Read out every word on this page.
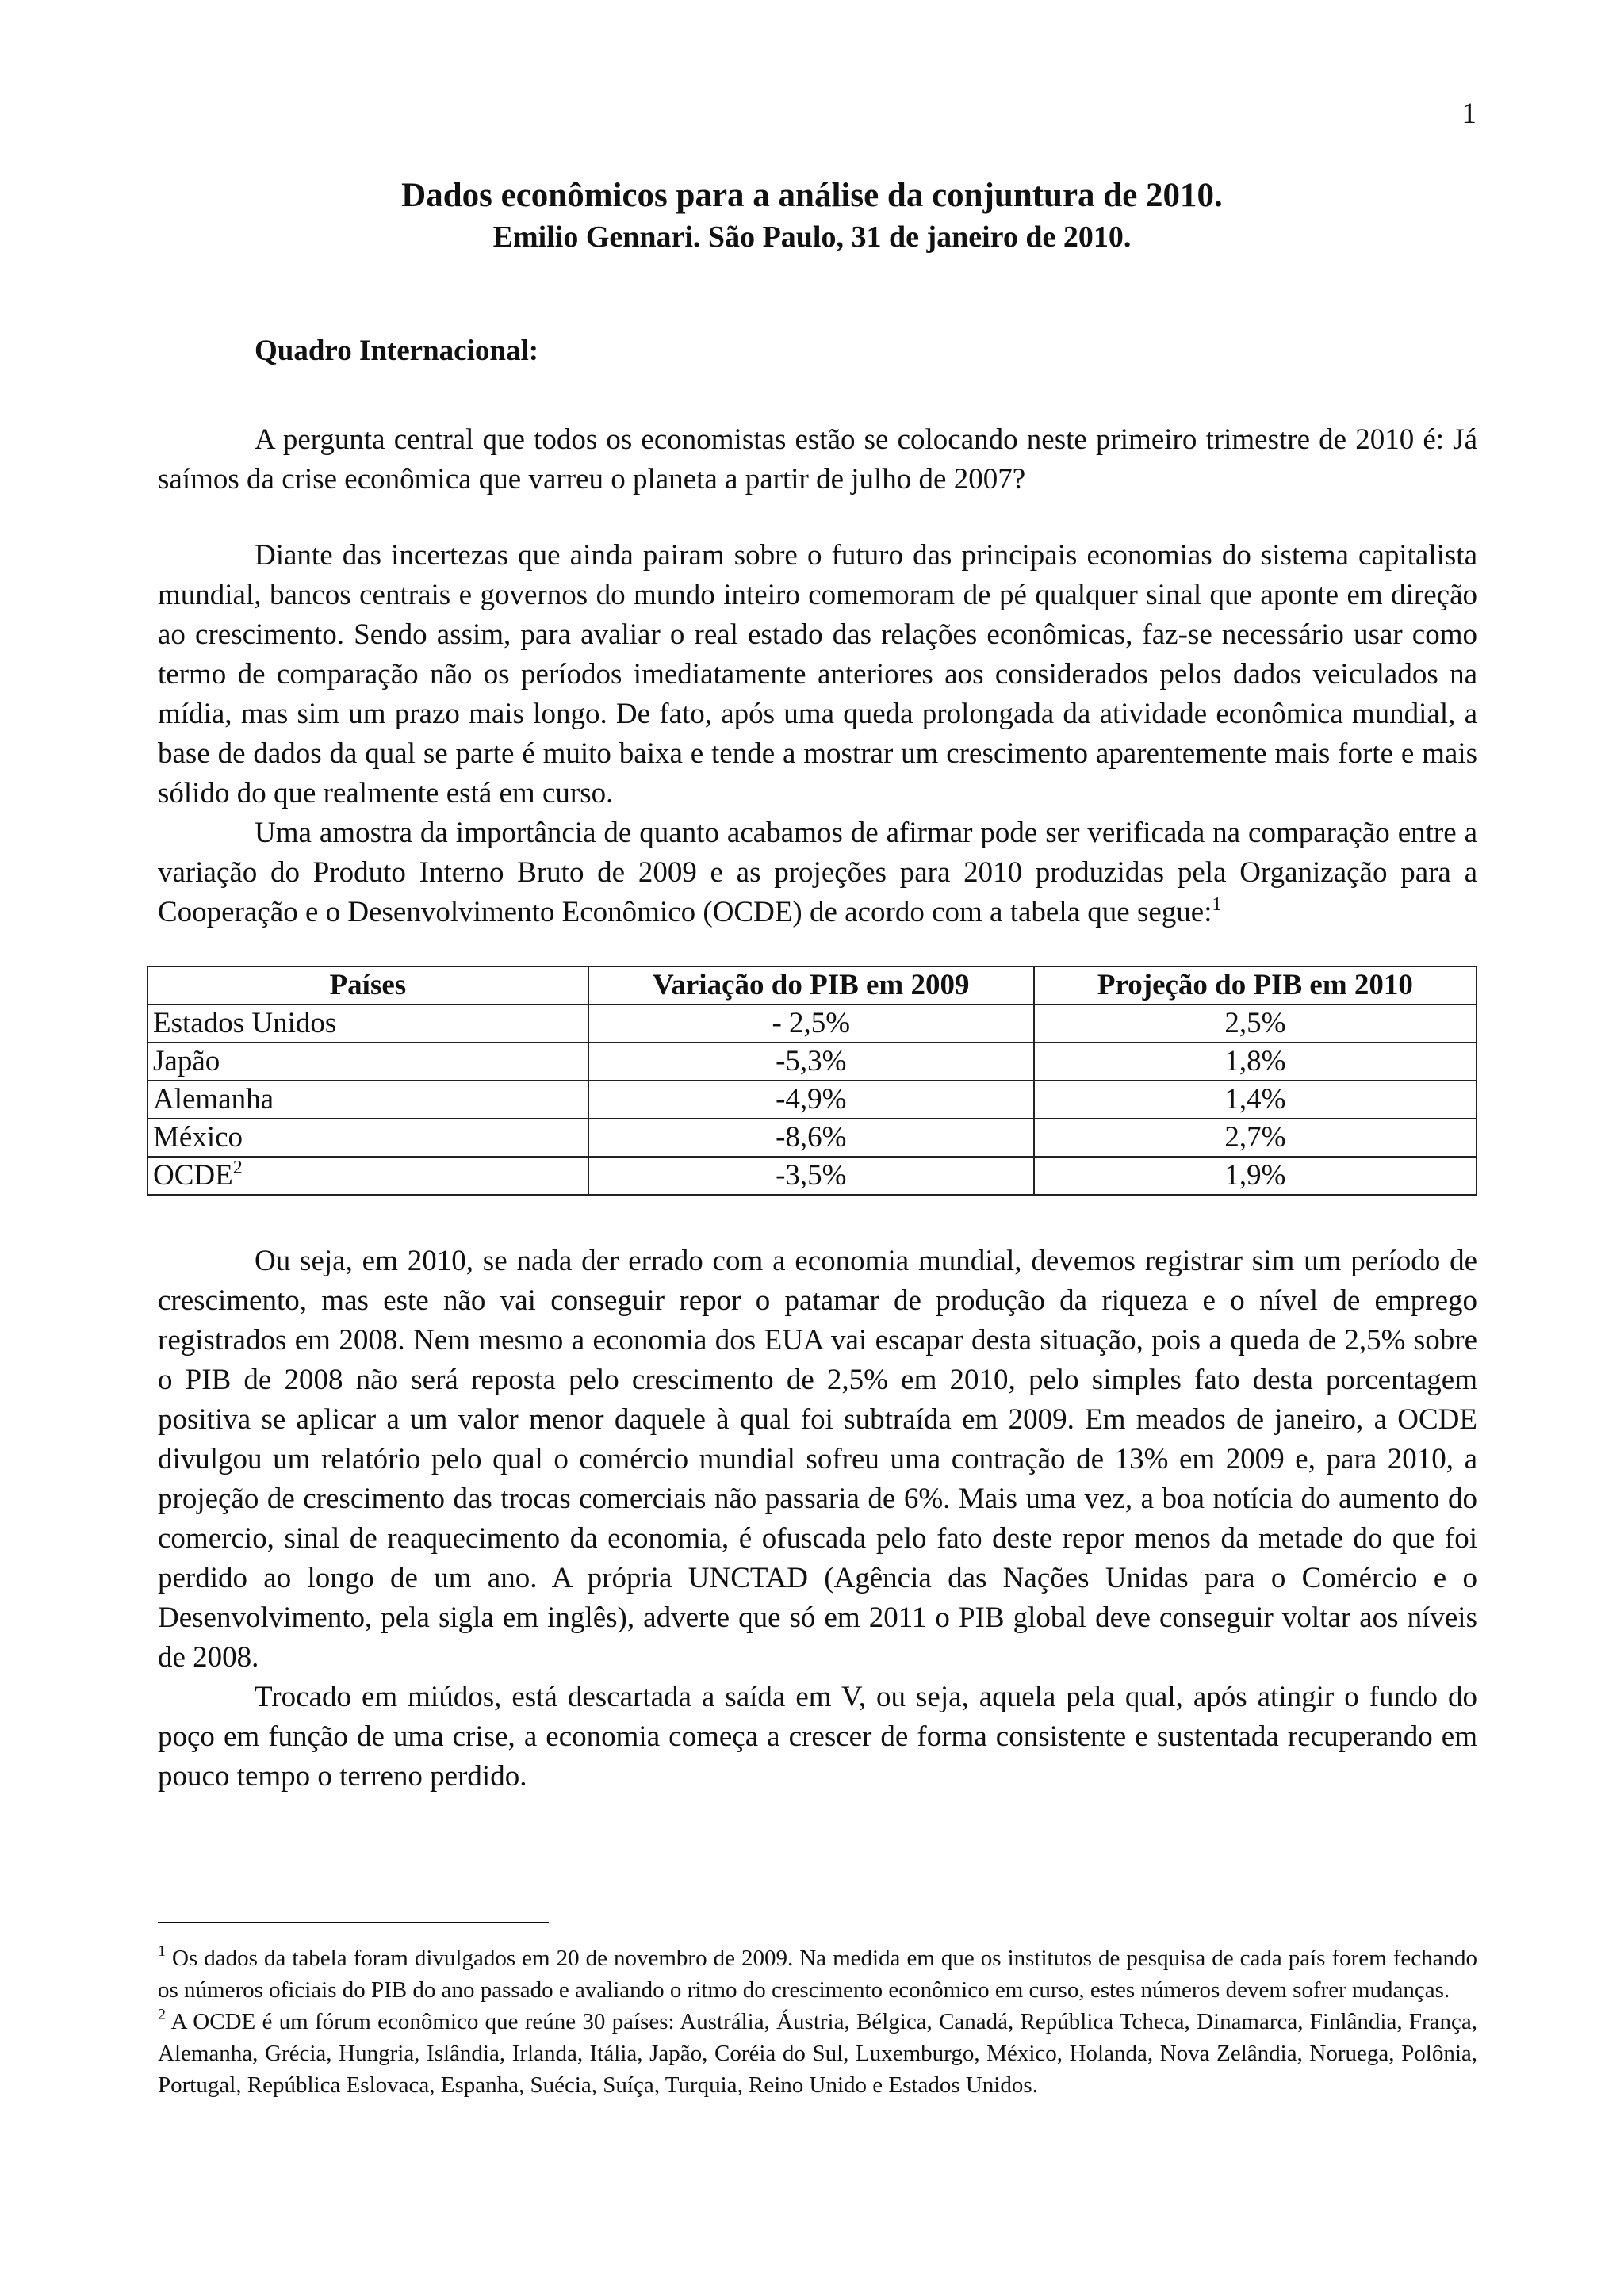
1
Dados econômicos para a análise da conjuntura de 2010.
Emilio Gennari. São Paulo, 31 de janeiro de 2010.
Quadro Internacional:

A pergunta central que todos os economistas estão se colocando neste primeiro trimestre de 2010 é: Já saímos da crise econômica que varreu o planeta a partir de julho de 2007?

Diante das incertezas que ainda pairam sobre o futuro das principais economias do sistema capitalista mundial, bancos centrais e governos do mundo inteiro comemoram de pé qualquer sinal que aponte em direção ao crescimento. Sendo assim, para avaliar o real estado das relações econômicas, faz-se necessário usar como termo de comparação não os períodos imediatamente anteriores aos considerados pelos dados veiculados na mídia, mas sim um prazo mais longo. De fato, após uma queda prolongada da atividade econômica mundial, a base de dados da qual se parte é muito baixa e tende a mostrar um crescimento aparentemente mais forte e mais sólido do que realmente está em curso.

Uma amostra da importância de quanto acabamos de afirmar pode ser verificada na comparação entre a variação do Produto Interno Bruto de 2009 e as projeções para 2010 produzidas pela Organização para a Cooperação e o Desenvolvimento Econômico (OCDE) de acordo com a tabela que segue:$^1$

Países	Variação do PIB em 2009	Projeção do PIB em 2010
Estados Unidos	- 2,5%	2,5%
Japão	-5,3%	1,8%
Alemanha	-4,9%	1,4%
México	-8,6%	2,7%
OCDE$^2$	-3,5%	1,9%

Ou seja, em 2010, se nada der errado com a economia mundial, devemos registrar sim um período de crescimento, mas este não vai conseguir repor o patamar de produção da riqueza e o nível de emprego registrados em 2008. Nem mesmo a economia dos EUA vai escapar desta situação, pois a queda de 2,5% sobre o PIB de 2008 não será reposta pelo crescimento de 2,5% em 2010, pelo simples fato desta porcentagem positiva se aplicar a um valor menor daquele à qual foi subtraída em 2009. Em meados de janeiro, a OCDE divulgou um relatório pelo qual o comércio mundial sofreu uma contração de 13% em 2009 e, para 2010, a projeção de crescimento das trocas comerciais não passaria de 6%. Mais uma vez, a boa notícia do aumento do comercio, sinal de reaquecimento da economia, é ofuscada pelo fato deste repor menos da metade do que foi perdido ao longo de um ano. A própria UNCTAD (Agência das Nações Unidas para o Comércio e o Desenvolvimento, pela sigla em inglês), adverte que só em 2011 o PIB global deve conseguir voltar aos níveis de 2008.

Trocado em miúdos, está descartada a saída em V, ou seja, aquela pela qual, após atingir o fundo do poço em função de uma crise, a economia começa a crescer de forma consistente e sustentada recuperando em pouco tempo o terreno perdido.

$^1$ Os dados da tabela foram divulgados em 20 de novembro de 2009. Na medida em que os institutos de pesquisa de cada país forem fechando os números oficiais do PIB do ano passado e avaliando o ritmo do crescimento econômico em curso, estes números devem sofrer mudanças.

$^2$ A OCDE é um fórum econômico que reúne 30 países: Austrália, Áustria, Bélgica, Canadá, República Tcheca, Dinamarca, Finlândia, França, Alemanha, Grécia, Hungria, Islândia, Irlanda, Itália, Japão, Coréia do Sul, Luxemburgo, México, Holanda, Nova Zelândia, Noruega, Polônia, Portugal, República Eslovaca, Espanha, Suécia, Suíça, Turquia, Reino Unido e Estados Unidos.
